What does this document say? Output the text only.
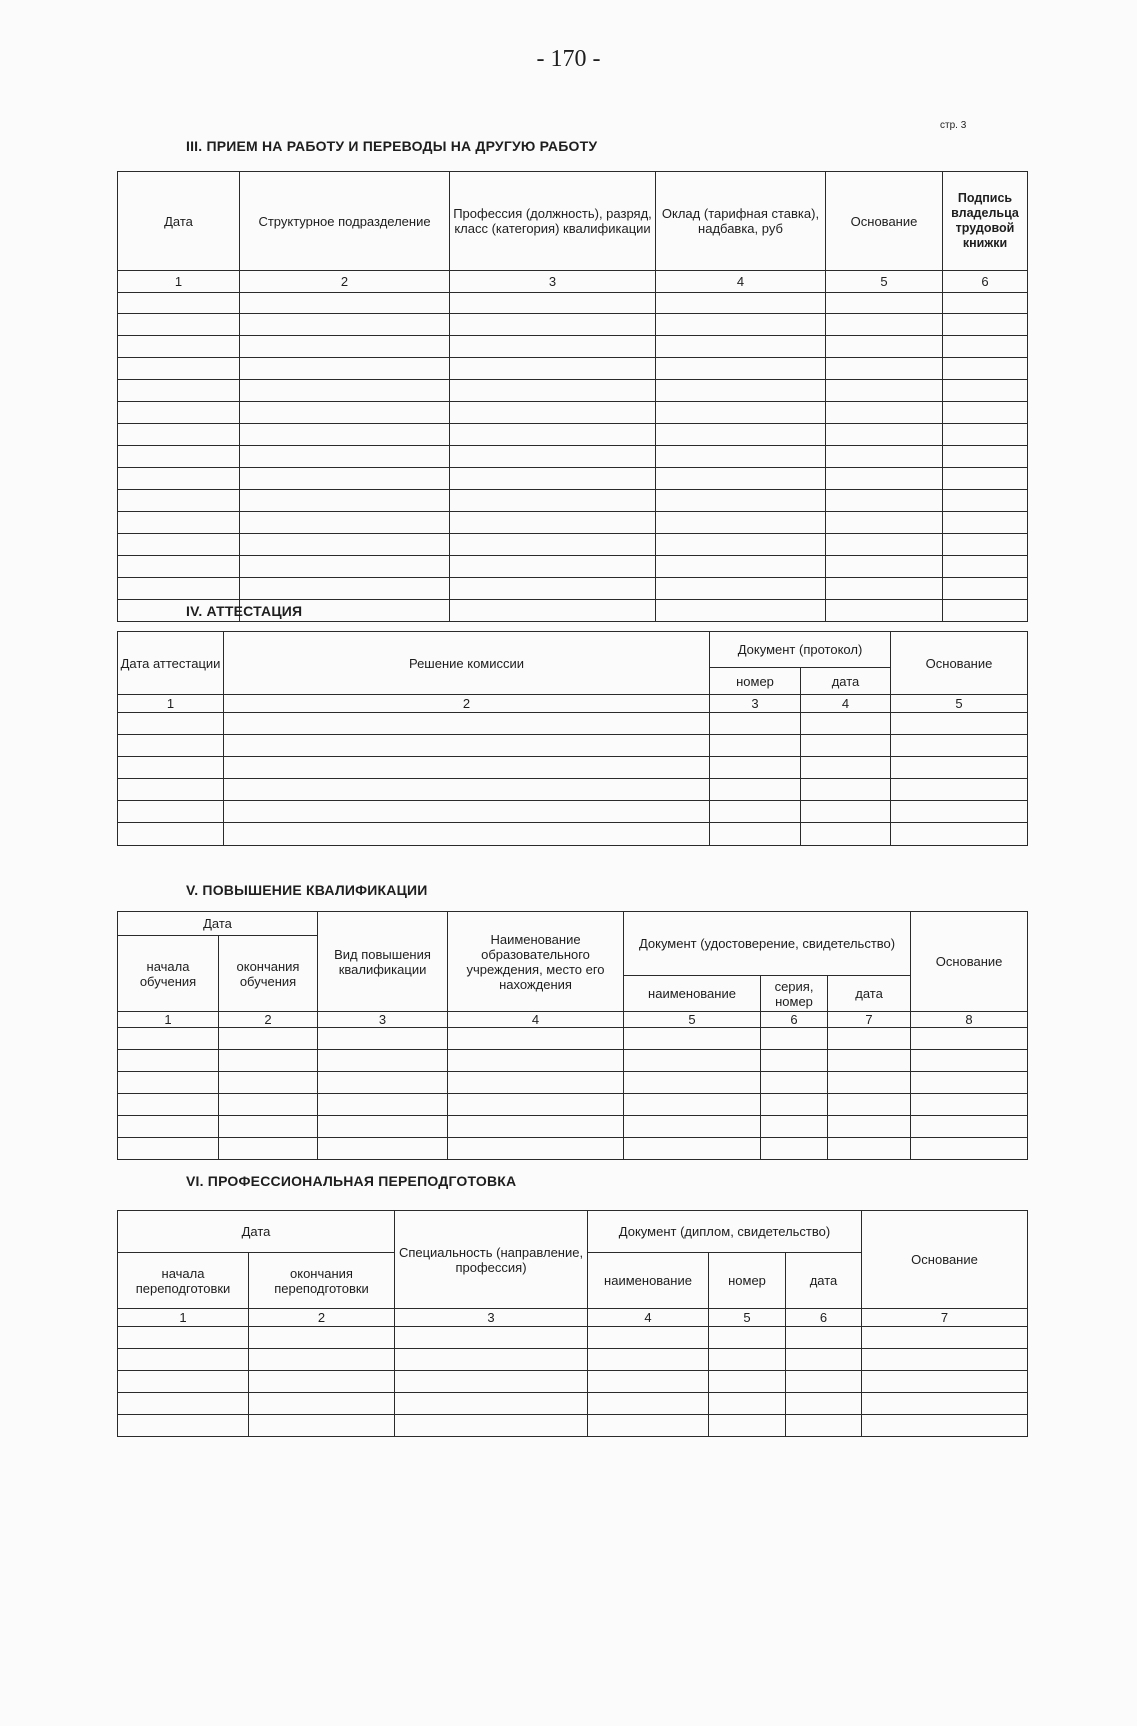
- 170 -
стр. 3
III. ПРИЕМ НА РАБОТУ И ПЕРЕВОДЫ НА ДРУГУЮ РАБОТУ
Дата	Структурное подразделение	Профессия (должность), разряд, класс (категория) квалификации	Оклад (тарифная ставка), надбавка, руб	Основание	Подпись владельца трудовой книжки
1	2	3	4	5	6

IV. АТТЕСТАЦИЯ
Дата аттестации	Решение комиссии	Документ (протокол)		Основание
		номер	дата	
1	2	3	4	5

V. ПОВЫШЕНИЕ КВАЛИФИКАЦИИ
Дата		Вид повышения квалификации	Наименование образовательного учреждения, место его нахождения	Документ (удостоверение, свидетельство)			Основание
начала обучения	окончания обучения						
				наименование	серия, номер	дата	
1	2	3	4	5	6	7	8

VI. ПРОФЕССИОНАЛЬНАЯ ПЕРЕПОДГОТОВКА
Дата		Специальность (направление, профессия)	Документ (диплом, свидетельство)			Основание
начала переподготовки	окончания переподготовки		наименование	номер	дата	
1	2	3	4	5	6	7
